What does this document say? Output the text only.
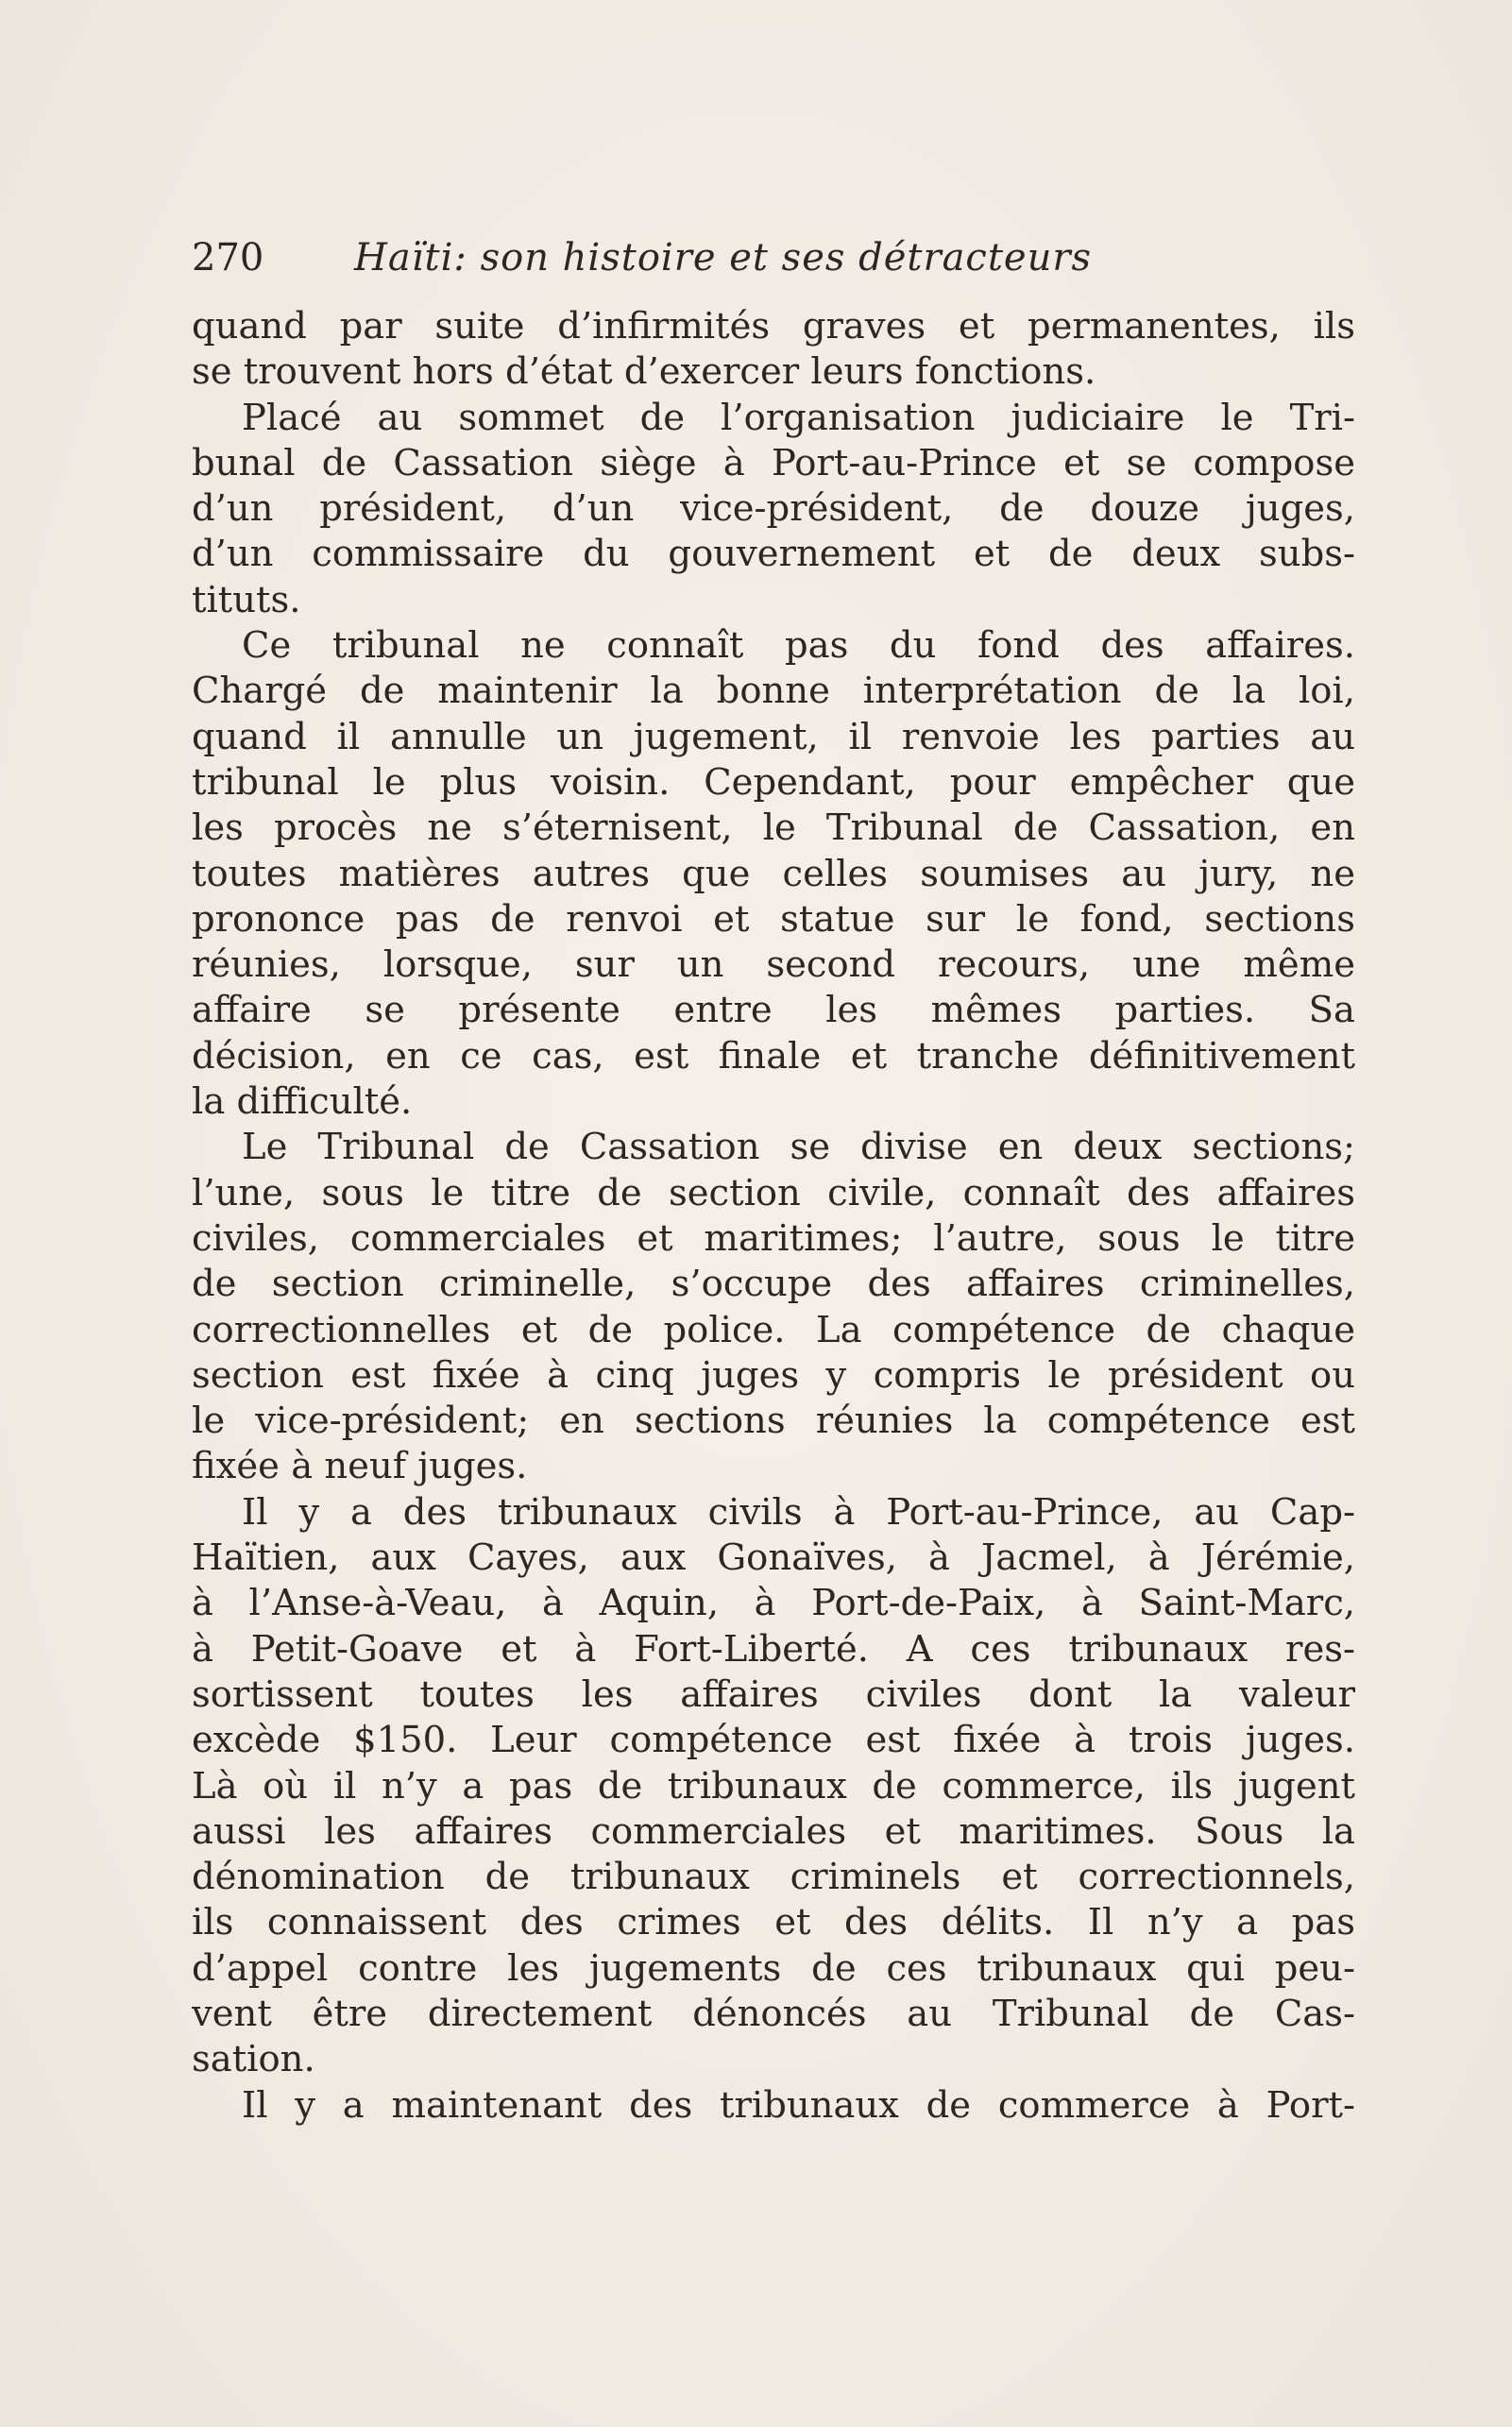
270 Haïti: son histoire et ses détracteurs
quand par suite d’infirmités graves et permanentes, ils
se trouvent hors d’état d’exercer leurs fonctions.
Placé au sommet de l’organisation judiciaire le Tri-
bunal de Cassation siège à Port-au-Prince et se compose
d’un président, d’un vice-président, de douze juges,
d’un commissaire du gouvernement et de deux subs-
tituts.
Ce tribunal ne connaît pas du fond des affaires.
Chargé de maintenir la bonne interprétation de la loi,
quand il annulle un jugement, il renvoie les parties au
tribunal le plus voisin. Cependant, pour empêcher que
les procès ne s’éternisent, le Tribunal de Cassation, en
toutes matières autres que celles soumises au jury, ne
prononce pas de renvoi et statue sur le fond, sections
réunies, lorsque, sur un second recours, une même
affaire se présente entre les mêmes parties. Sa
décision, en ce cas, est finale et tranche définitivement
la difficulté.
Le Tribunal de Cassation se divise en deux sections;
l’une, sous le titre de section civile, connaît des affaires
civiles, commerciales et maritimes; l’autre, sous le titre
de section criminelle, s’occupe des affaires criminelles,
correctionnelles et de police. La compétence de chaque
section est fixée à cinq juges y compris le président ou
le vice-président; en sections réunies la compétence est
fixée à neuf juges.
Il y a des tribunaux civils à Port-au-Prince, au Cap-
Haïtien, aux Cayes, aux Gonaïves, à Jacmel, à Jérémie,
à l’Anse-à-Veau, à Aquin, à Port-de-Paix, à Saint-Marc,
à Petit-Goave et à Fort-Liberté. A ces tribunaux res-
sortissent toutes les affaires civiles dont la valeur
excède $150. Leur compétence est fixée à trois juges.
Là où il n’y a pas de tribunaux de commerce, ils jugent
aussi les affaires commerciales et maritimes. Sous la
dénomination de tribunaux criminels et correctionnels,
ils connaissent des crimes et des délits. Il n’y a pas
d’appel contre les jugements de ces tribunaux qui peu-
vent être directement dénoncés au Tribunal de Cas-
sation.
Il y a maintenant des tribunaux de commerce à Port-
